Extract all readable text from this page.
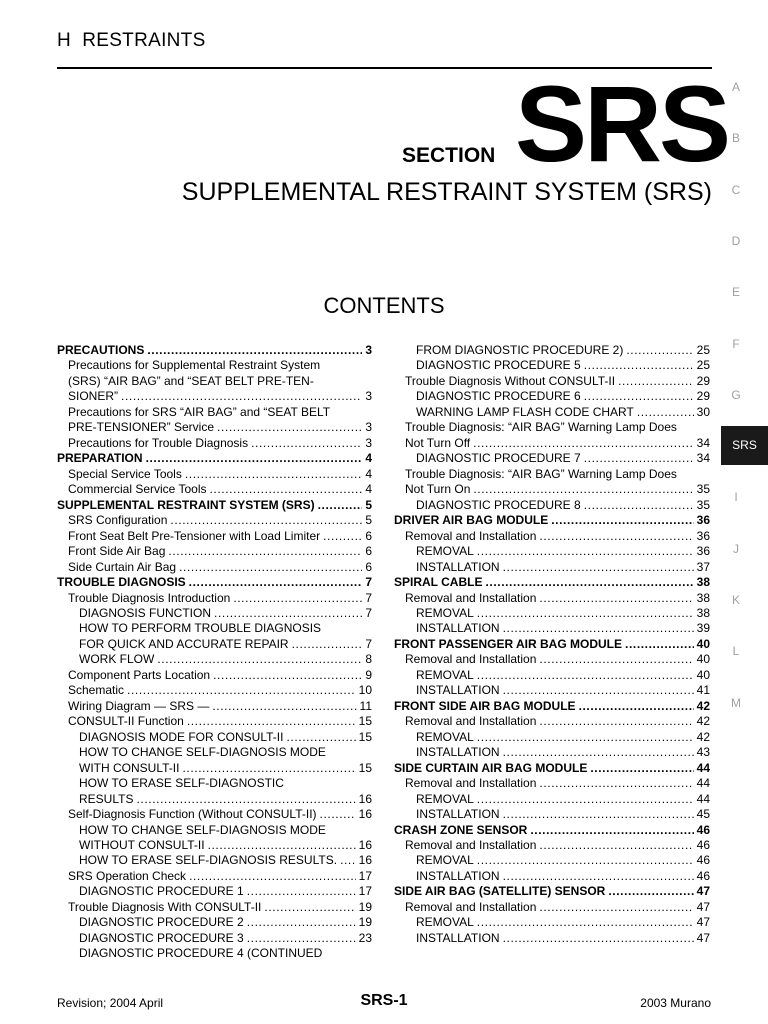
H RESTRAINTS
SECTION SRS
SUPPLEMENTAL RESTRAINT SYSTEM (SRS)
CONTENTS
PRECAUTIONS .....	3
Precautions for Supplemental Restraint System
(SRS) “AIR BAG” and “SEAT BELT PRE-TEN-
SIONER” .....	3
Precautions for SRS “AIR BAG” and “SEAT BELT
PRE-TENSIONER” Service .....	3
Precautions for Trouble Diagnosis .....	3
PREPARATION .....	4
Special Service Tools .....	4
Commercial Service Tools .....	4
SUPPLEMENTAL RESTRAINT SYSTEM (SRS) .....	5
SRS Configuration .....	5
Front Seat Belt Pre-Tensioner with Load Limiter .....	6
Front Side Air Bag .....	6
Side Curtain Air Bag .....	6
TROUBLE DIAGNOSIS .....	7
Trouble Diagnosis Introduction .....	7
DIAGNOSIS FUNCTION .....	7
HOW TO PERFORM TROUBLE DIAGNOSIS
FOR QUICK AND ACCURATE REPAIR .....	7
WORK FLOW .....	8
Component Parts Location .....	9
Schematic .....	10
Wiring Diagram — SRS — .....	11
CONSULT-II Function .....	15
DIAGNOSIS MODE FOR CONSULT-II .....	15
HOW TO CHANGE SELF-DIAGNOSIS MODE
WITH CONSULT-II .....	15
HOW TO ERASE SELF-DIAGNOSTIC
RESULTS .....	16
Self-Diagnosis Function (Without CONSULT-II) .....	16
HOW TO CHANGE SELF-DIAGNOSIS MODE
WITHOUT CONSULT-II .....	16
HOW TO ERASE SELF-DIAGNOSIS RESULTS. ..... 16
SRS Operation Check .....	17
DIAGNOSTIC PROCEDURE 1 .....	17
Trouble Diagnosis With CONSULT-II .....	19
DIAGNOSTIC PROCEDURE 2 .....	19
DIAGNOSTIC PROCEDURE 3 .....	23
DIAGNOSTIC PROCEDURE 4 (CONTINUED
FROM DIAGNOSTIC PROCEDURE 2) .....	25
DIAGNOSTIC PROCEDURE 5 .....	25
Trouble Diagnosis Without CONSULT-II .....	29
DIAGNOSTIC PROCEDURE 6 .....	29
WARNING LAMP FLASH CODE CHART .....	30
Trouble Diagnosis: “AIR BAG” Warning Lamp Does
Not Turn Off .....	34
DIAGNOSTIC PROCEDURE 7 .....	34
Trouble Diagnosis: “AIR BAG” Warning Lamp Does
Not Turn On .....	35
DIAGNOSTIC PROCEDURE 8 .....	35
DRIVER AIR BAG MODULE .....	36
Removal and Installation .....	36
REMOVAL .....	36
INSTALLATION .....	37
SPIRAL CABLE .....	38
Removal and Installation .....	38
REMOVAL .....	38
INSTALLATION .....	39
FRONT PASSENGER AIR BAG MODULE .....	40
Removal and Installation .....	40
REMOVAL .....	40
INSTALLATION .....	41
FRONT SIDE AIR BAG MODULE .....	42
Removal and Installation .....	42
REMOVAL .....	42
INSTALLATION .....	43
SIDE CURTAIN AIR BAG MODULE .....	44
Removal and Installation .....	44
REMOVAL .....	44
INSTALLATION .....	45
CRASH ZONE SENSOR .....	46
Removal and Installation .....	46
REMOVAL .....	46
INSTALLATION .....	46
SIDE AIR BAG (SATELLITE) SENSOR .....	47
Removal and Installation .....	47
REMOVAL .....	47
INSTALLATION .....	47
A
B
C
D
E
F
G
SRS
I
J
K
L
M
Revision; 2004 April	SRS-1	2003 Murano
